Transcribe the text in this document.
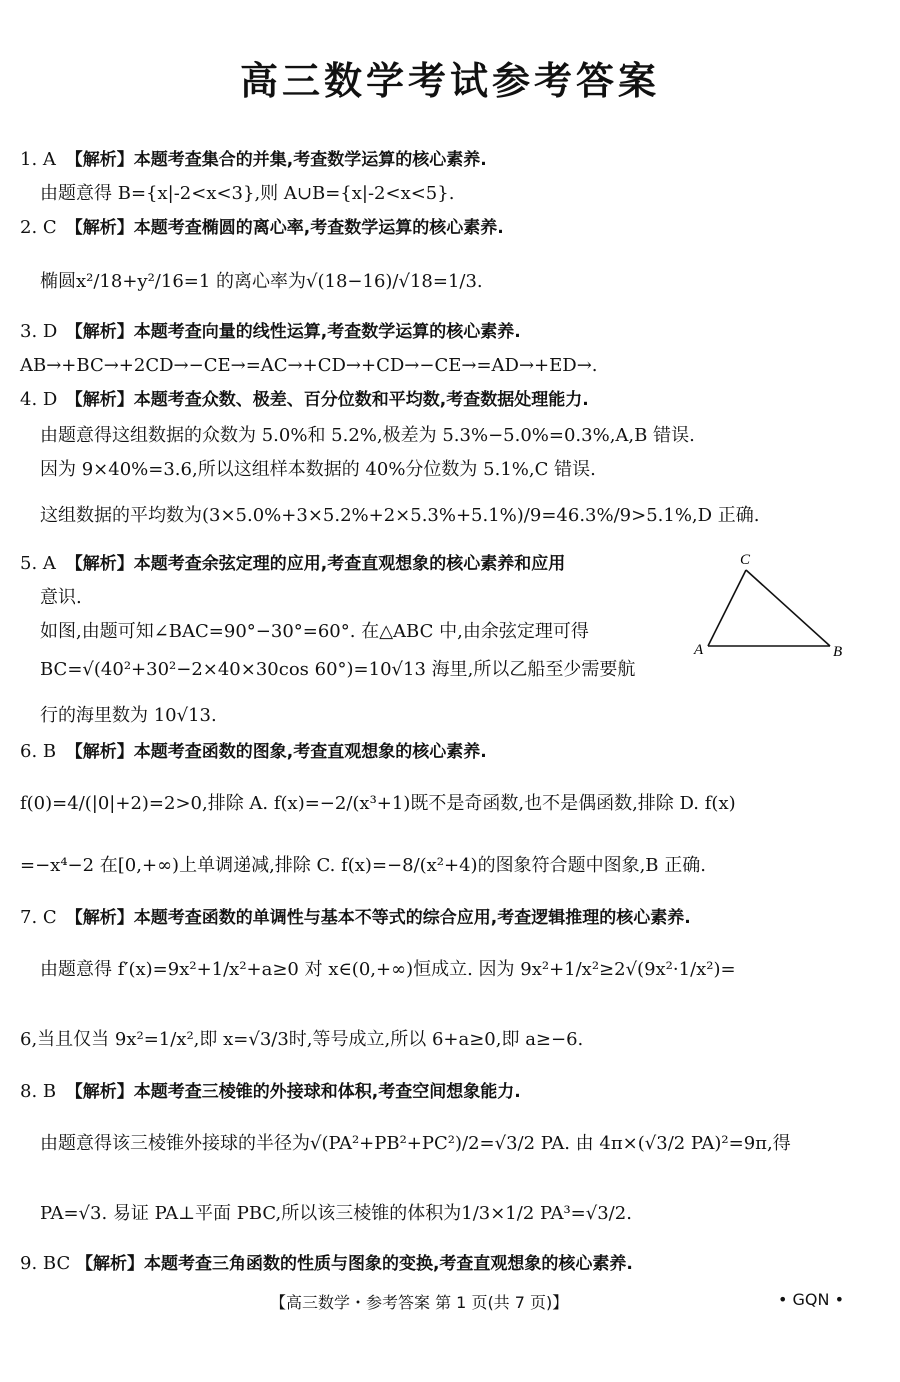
高三数学考试参考答案
1. A 【解析】本题考查集合的并集,考查数学运算的核心素养.
由题意得 B={x|-2<x<3},则 A∪B={x|-2<x<5}.
2. C 【解析】本题考查椭圆的离心率,考查数学运算的核心素养.
椭圆x²/18+y²/16=1 的离心率为√(18−16)/√18=1/3.
3. D 【解析】本题考查向量的线性运算,考查数学运算的核心素养.
AB→+BC→+2CD→−CE→=AC→+CD→+CD→−CE→=AD→+ED→.
4. D 【解析】本题考查众数、极差、百分位数和平均数,考查数据处理能力.
由题意得这组数据的众数为 5.0%和 5.2%,极差为 5.3%−5.0%=0.3%,A,B 错误.
因为 9×40%=3.6,所以这组样本数据的 40%分位数为 5.1%,C 错误.
这组数据的平均数为(3×5.0%+3×5.2%+2×5.3%+5.1%)/9=46.3%/9>5.1%,D 正确.
5. A 【解析】本题考查余弦定理的应用,考查直观想象的核心素养和应用
意识.
如图,由题可知∠BAC=90°−30°=60°. 在△ABC 中,由余弦定理可得
BC=√(40²+30²−2×40×30cos 60°)=10√13 海里,所以乙船至少需要航
行的海里数为 10√13.
C
A	B
6. B 【解析】本题考查函数的图象,考查直观想象的核心素养.
f(0)=4/(|0|+2)=2>0,排除 A. f(x)=−2/(x³+1)既不是奇函数,也不是偶函数,排除 D. f(x)
=−x⁴−2 在[0,+∞)上单调递减,排除 C. f(x)=−8/(x²+4)的图象符合题中图象,B 正确.
7. C 【解析】本题考查函数的单调性与基本不等式的综合应用,考查逻辑推理的核心素养.
由题意得 f′(x)=9x²+1/x²+a≥0 对 x∈(0,+∞)恒成立. 因为 9x²+1/x²≥2√(9x²·1/x²)=
6,当且仅当 9x²=1/x²,即 x=√3/3时,等号成立,所以 6+a≥0,即 a≥−6.
8. B 【解析】本题考查三棱锥的外接球和体积,考查空间想象能力.
由题意得该三棱锥外接球的半径为√(PA²+PB²+PC²)/2=√3/2 PA. 由 4π×(√3/2 PA)²=9π,得
PA=√3. 易证 PA⊥平面 PBC,所以该三棱锥的体积为1/3×1/2 PA³=√3/2.
9. BC 【解析】本题考查三角函数的性质与图象的变换,考查直观想象的核心素养.
【高三数学・参考答案 第 1 页(共 7 页)】	• GQN •
